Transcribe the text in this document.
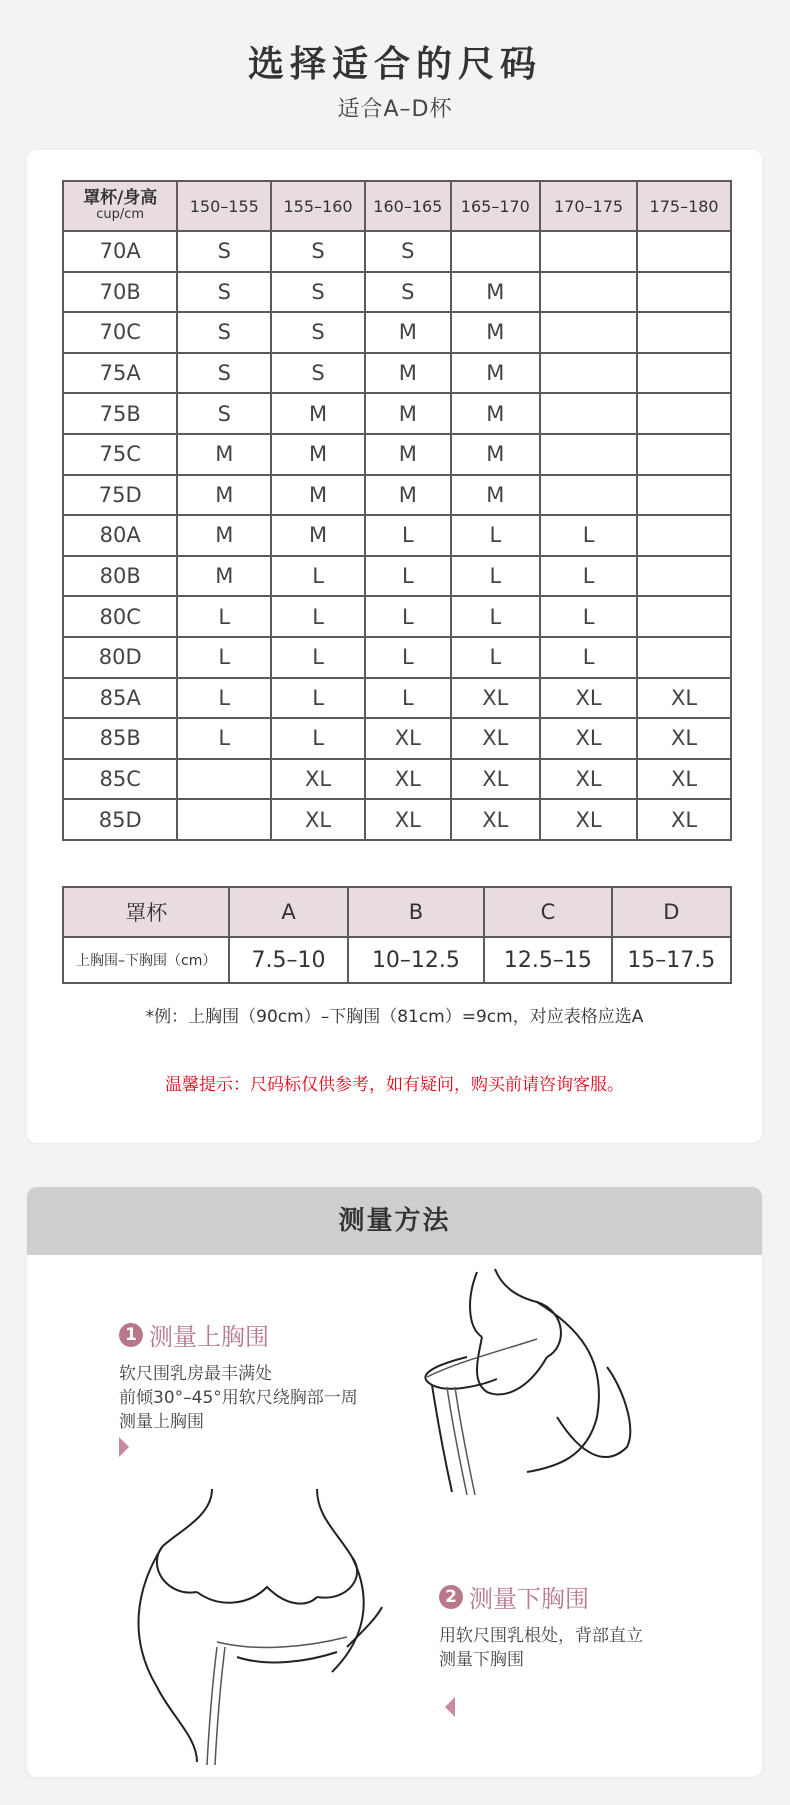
选择适合的尺码
适合A–D杯
罩杯/身高
cup/cm	150–155	155–160	160–165	165–170	170–175	175–180
70A	S	S	S			
70B	S	S	S	M		
70C	S	S	M	M		
75A	S	S	M	M		
75B	S	M	M	M		
75C	M	M	M	M		
75D	M	M	M	M		
80A	M	M	L	L	L	
80B	M	L	L	L	L	
80C	L	L	L	L	L	
80D	L	L	L	L	L	
85A	L	L	L	XL	XL	XL
85B	L	L	XL	XL	XL	XL
85C		XL	XL	XL	XL	XL
85D		XL	XL	XL	XL	XL
罩杯	A	B	C	D
上胸围–下胸围（cm）	7.5–10	10–12.5	12.5–15	15–17.5
*例：上胸围（90cm）–下胸围（81cm）=9cm，对应表格应选A
温馨提示：尺码标仅供参考，如有疑问，购买前请咨询客服。
测量方法
1 测量上胸围
软尺围乳房最丰满处
前倾30°–45°用软尺绕胸部一周
测量上胸围
2 测量下胸围
用软尺围乳根处，背部直立
测量下胸围
